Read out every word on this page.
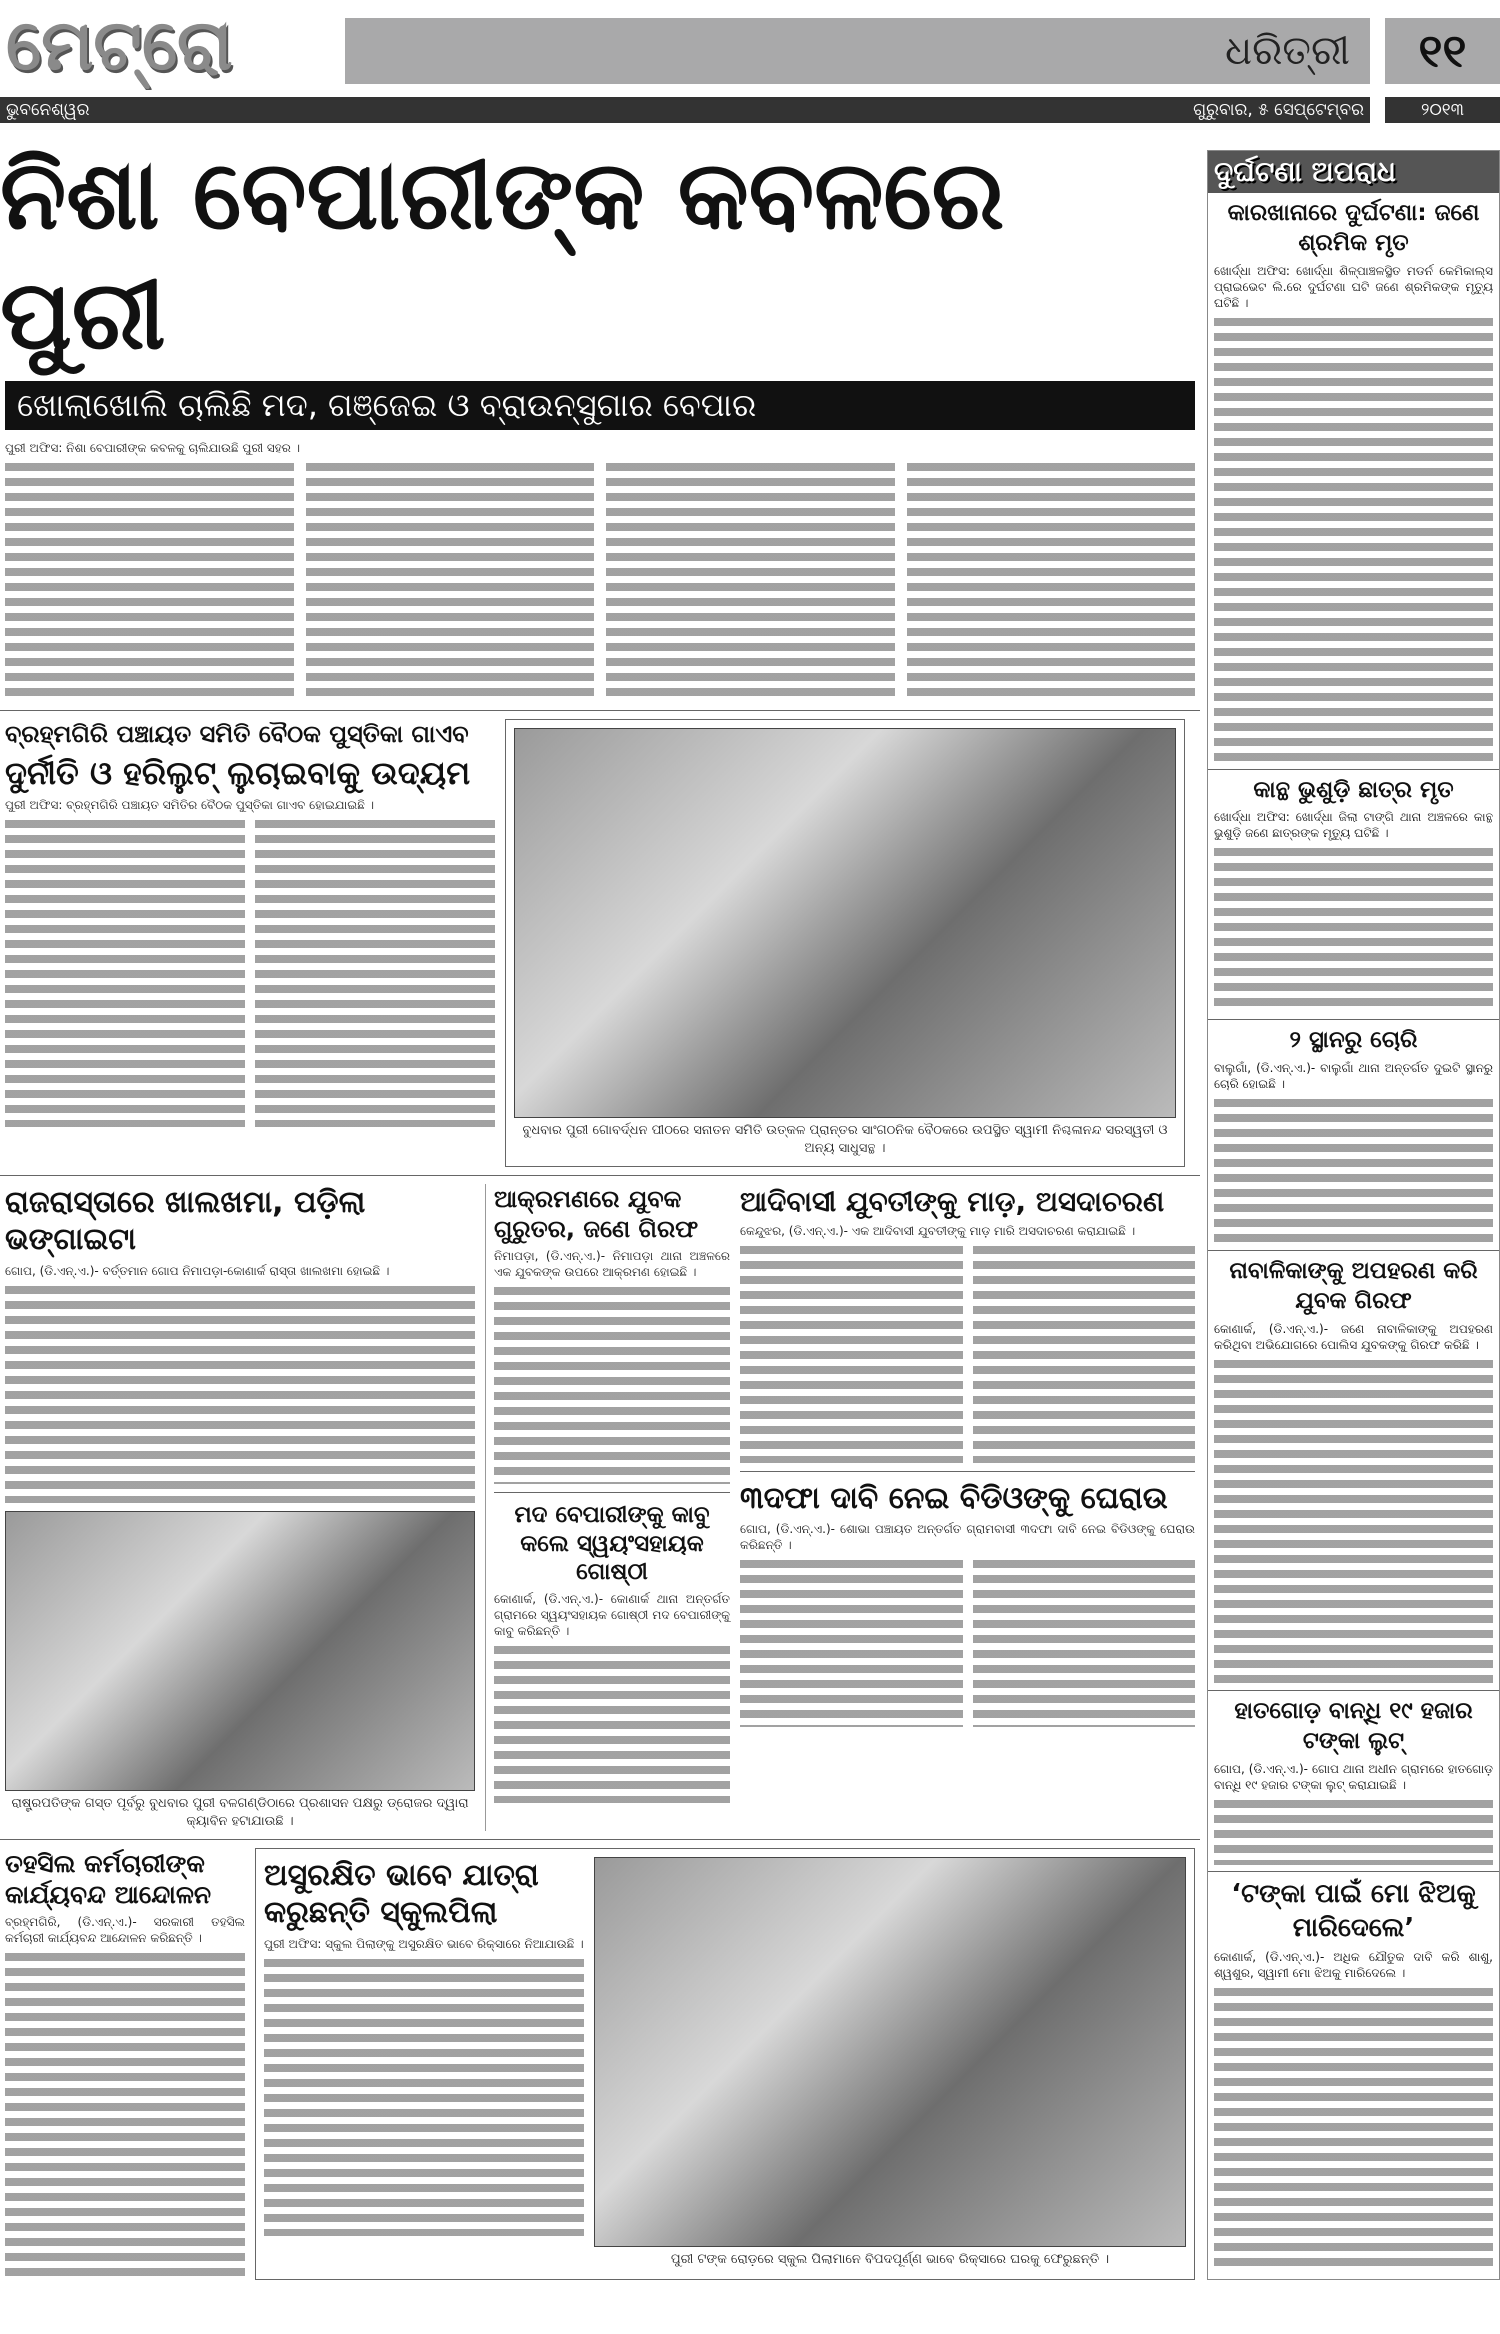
ମେଟ୍ରୋ	ଧରିତ୍ରୀ	୧୧
ଭୁବନେଶ୍ୱର	ଗୁରୁବାର, ୫ ସେପ୍ଟେମ୍ବର	୨୦୧୩
ନିଶା ବେପାରୀଙ୍କ କବଳରେ ପୁରୀ
ଖୋଲାଖୋଲି ଚାଲିଛି ମଦ, ଗଞ୍ଜେଇ ଓ ବ୍ରାଉନ୍‌ସୁଗାର ବେପାର
ପୁରୀ ଅଫିସ: ନିଶା ବେପାରୀଙ୍କ କବଳକୁ ଚାଲିଯାଉଛି ପୁରୀ ସହର ।
ବ୍ରହ୍ମଗିରି ପଞ୍ଚାୟତ ସମିତି ବୈଠକ ପୁସ୍ତିକା ଗାଏବ
ଦୁର୍ନୀତି ଓ ହରିଲୁଟ୍ ଲୁଚାଇବାକୁ ଉଦ୍ୟମ
ପୁରୀ ଅଫିସ: ବ୍ରହ୍ମଗିରି ପଞ୍ଚାୟତ ସମିତିର ବୈଠକ ପୁସ୍ତିକା ଗାଏବ ହୋଇଯାଇଛି ।
ବୁଧବାର ପୁରୀ ଗୋବର୍ଦ୍ଧନ ପୀଠରେ ସନାତନ ସମିତି ଉତ୍କଳ ପ୍ରାନ୍ତର ସାଂଗଠନିକ ବୈଠକରେ ଉପସ୍ଥିତ ସ୍ୱାମୀ ନିଶ୍ଚଳାନନ୍ଦ ସରସ୍ୱତୀ ଓ ଅନ୍ୟ ସାଧୁସନ୍ଥ ।
ରାଜରାସ୍ତାରେ ଖାଲଖମା, ପଡ଼ିଲା ଭଙ୍ଗାଇଟା
ଗୋପ, (ଡି.ଏନ୍.ଏ.)- ବର୍ତ୍ତମାନ ଗୋପ ନିମାପଡ଼ା-କୋଣାର୍କ ରାସ୍ତା ଖାଲଖମା ହୋଇଛି ।
ରାଷ୍ଟ୍ରପତିଙ୍କ ଗସ୍ତ ପୂର୍ବରୁ ବୁଧବାର ପୁରୀ ବଳଗଣ୍ଡିଠାରେ ପ୍ରଶାସନ ପକ୍ଷରୁ ଡ୍ରୋଜର ଦ୍ୱାରା କ୍ୟାବିନ ହଟାଯାଉଛି ।
ଆକ୍ରମଣରେ ଯୁବକ ଗୁରୁତର, ଜଣେ ଗିରଫ
ନିମାପଡ଼ା, (ଡି.ଏନ୍.ଏ.)- ନିମାପଡ଼ା ଥାନା ଅଞ୍ଚଳରେ ଏକ ଯୁବକଙ୍କ ଉପରେ ଆକ୍ରମଣ ହୋଇଛି ।
ମଦ ବେପାରୀଙ୍କୁ କାବୁ କଲେ ସ୍ୱୟଂସହାୟକ ଗୋଷ୍ଠୀ
କୋଣାର୍କ, (ଡି.ଏନ୍.ଏ.)- କୋଣାର୍କ ଥାନା ଅନ୍ତର୍ଗତ ଗ୍ରାମରେ ସ୍ୱୟଂସହାୟକ ଗୋଷ୍ଠୀ ମଦ ବେପାରୀଙ୍କୁ କାବୁ କରିଛନ୍ତି ।
ଆଦିବାସୀ ଯୁବତୀଙ୍କୁ ମାଡ଼, ଅସଦାଚରଣ
କେନ୍ଦୁଝର, (ଡି.ଏନ୍.ଏ.)- ଏକ ଆଦିବାସୀ ଯୁବତୀଙ୍କୁ ମାଡ଼ ମାରି ଅସଦାଚରଣ କରାଯାଇଛି ।
୩ଦଫା ଦାବି ନେଇ ବିଡିଓଙ୍କୁ ଘେରାଉ
ଗୋପ, (ଡି.ଏନ୍.ଏ.)- ଶୋଭା ପଞ୍ଚାୟତ ଅନ୍ତର୍ଗତ ଗ୍ରାମବାସୀ ୩ଦଫା ଦାବି ନେଇ ବିଡିଓଙ୍କୁ ଘେରାଉ କରିଛନ୍ତି ।
ତହସିଲ କର୍ମଚାରୀଙ୍କ କାର୍ଯ୍ୟବନ୍ଦ ଆନ୍ଦୋଳନ
ବ୍ରହ୍ମଗିରି, (ଡି.ଏନ୍.ଏ.)- ସରକାରୀ ତହସିଲ କର୍ମଚାରୀ କାର୍ଯ୍ୟବନ୍ଦ ଆନ୍ଦୋଳନ କରିଛନ୍ତି ।
ଅସୁରକ୍ଷିତ ଭାବେ ଯାତ୍ରା କରୁଛନ୍ତି ସ୍କୁଲପିଲା
ପୁରୀ ଅଫିସ: ସ୍କୁଲ ପିଲାଙ୍କୁ ଅସୁରକ୍ଷିତ ଭାବେ ରିକ୍ସାରେ ନିଆଯାଉଛି ।
ପୁରୀ ଟଙ୍କ ରୋଡ଼ରେ ସ୍କୁଲ ପିଲାମାନେ ବିପଦପୂର୍ଣ୍ଣ ଭାବେ ରିକ୍ସାରେ ଘରକୁ ଫେରୁଛନ୍ତି ।
ଦୁର୍ଘଟଣା ଅପରାଧ
କାରଖାନାରେ ଦୁର୍ଘଟଣା: ଜଣେ ଶ୍ରମିକ ମୃତ
ଖୋର୍ଦ୍ଧା ଅଫିସ: ଖୋର୍ଦ୍ଧା ଶିଳ୍ପାଞ୍ଚଳସ୍ଥିତ ମଡର୍ନ କେମିକାଲ୍ସ ପ୍ରାଇଭେଟ ଲି.ରେ ଦୁର୍ଘଟଣା ଘଟି ଜଣେ ଶ୍ରମିକଙ୍କ ମୃତ୍ୟୁ ଘଟିଛି ।
କାନ୍ଥ ଭୁଶୁଡ଼ି ଛାତ୍ର ମୃତ
ଖୋର୍ଦ୍ଧା ଅଫିସ: ଖୋର୍ଦ୍ଧା ଜିଲା ଟାଙ୍ଗି ଥାନା ଅଞ୍ଚଳରେ କାନ୍ଥ ଭୁଶୁଡ଼ି ଜଣେ ଛାତ୍ରଙ୍କ ମୃତ୍ୟୁ ଘଟିଛି ।
୨ ସ୍ଥାନରୁ ଚୋରି
ବାଲୁଗାଁ, (ଡି.ଏନ୍.ଏ.)- ବାଲୁଗାଁ ଥାନା ଅନ୍ତର୍ଗତ ଦୁଇଟି ସ୍ଥାନରୁ ଚୋରି ହୋଇଛି ।
ନାବାଳିକାଙ୍କୁ ଅପହରଣ କରି ଯୁବକ ଗିରଫ
କୋଣାର୍କ, (ଡି.ଏନ୍.ଏ.)- ଜଣେ ନାବାଳିକାଙ୍କୁ ଅପହରଣ କରିଥିବା ଅଭିଯୋଗରେ ପୋଲିସ ଯୁବକଙ୍କୁ ଗିରଫ କରିଛି ।
ହାତଗୋଡ଼ ବାନ୍ଧି ୧୯ ହଜାର ଟଙ୍କା ଲୁଟ୍
ଗୋପ, (ଡି.ଏନ୍.ଏ.)- ଗୋପ ଥାନା ଅଧୀନ ଗ୍ରାମରେ ହାତଗୋଡ଼ ବାନ୍ଧି ୧୯ ହଜାର ଟଙ୍କା ଲୁଟ୍ କରାଯାଇଛି ।
‘ଟଙ୍କା ପାଇଁ ମୋ ଝିଅକୁ ମାରିଦେଲେ’
କୋଣାର୍କ, (ଡି.ଏନ୍.ଏ.)- ଅଧିକ ଯୌତୁକ ଦାବି କରି ଶାଶୁ, ଶ୍ୱଶୁର, ସ୍ୱାମୀ ମୋ ଝିଅକୁ ମାରିଦେଲେ ।
